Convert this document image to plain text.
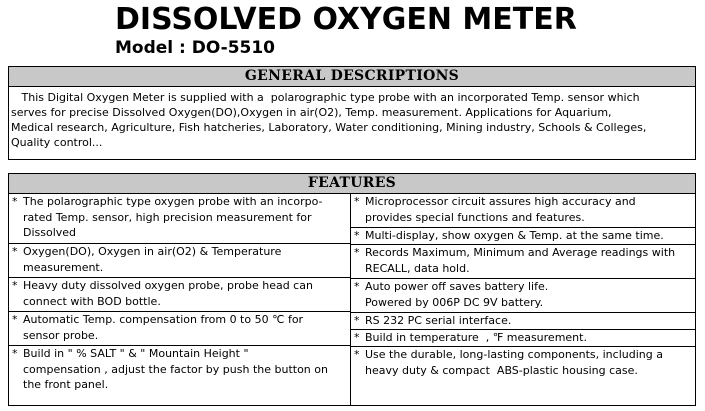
DISSOLVED OXYGEN METER
Model : DO-5510
GENERAL DESCRIPTIONS
This Digital Oxygen Meter is supplied with a  polarographic type probe with an incorporated Temp. sensor which
serves for precise Dissolved Oxygen(DO),Oxygen in air(O2), Temp. measurement. Applications for Aquarium,
Medical research, Agriculture, Fish hatcheries, Laboratory, Water conditioning, Mining industry, Schools & Colleges,
Quality control...
FEATURES
* The polarographic type oxygen probe with an incorpo-
rated Temp. sensor, high precision measurement for
Dissolved
* Oxygen(DO), Oxygen in air(O2) & Temperature
measurement.
* Heavy duty dissolved oxygen probe, probe head can
connect with BOD bottle.
* Automatic Temp. compensation from 0 to 50 ℃ for
sensor probe.
* Build in " % SALT " & " Mountain Height "
compensation , adjust the factor by push the button on
the front panel.
* Microprocessor circuit assures high accuracy and
provides special functions and features.
* Multi-display, show oxygen & Temp. at the same time.
* Records Maximum, Minimum and Average readings with
RECALL, data hold.
* Auto power off saves battery life.
Powered by 006P DC 9V battery.
* RS 232 PC serial interface.
* Build in temperature  , ℉ measurement.
* Use the durable, long-lasting components, including a
heavy duty & compact  ABS-plastic housing case.
